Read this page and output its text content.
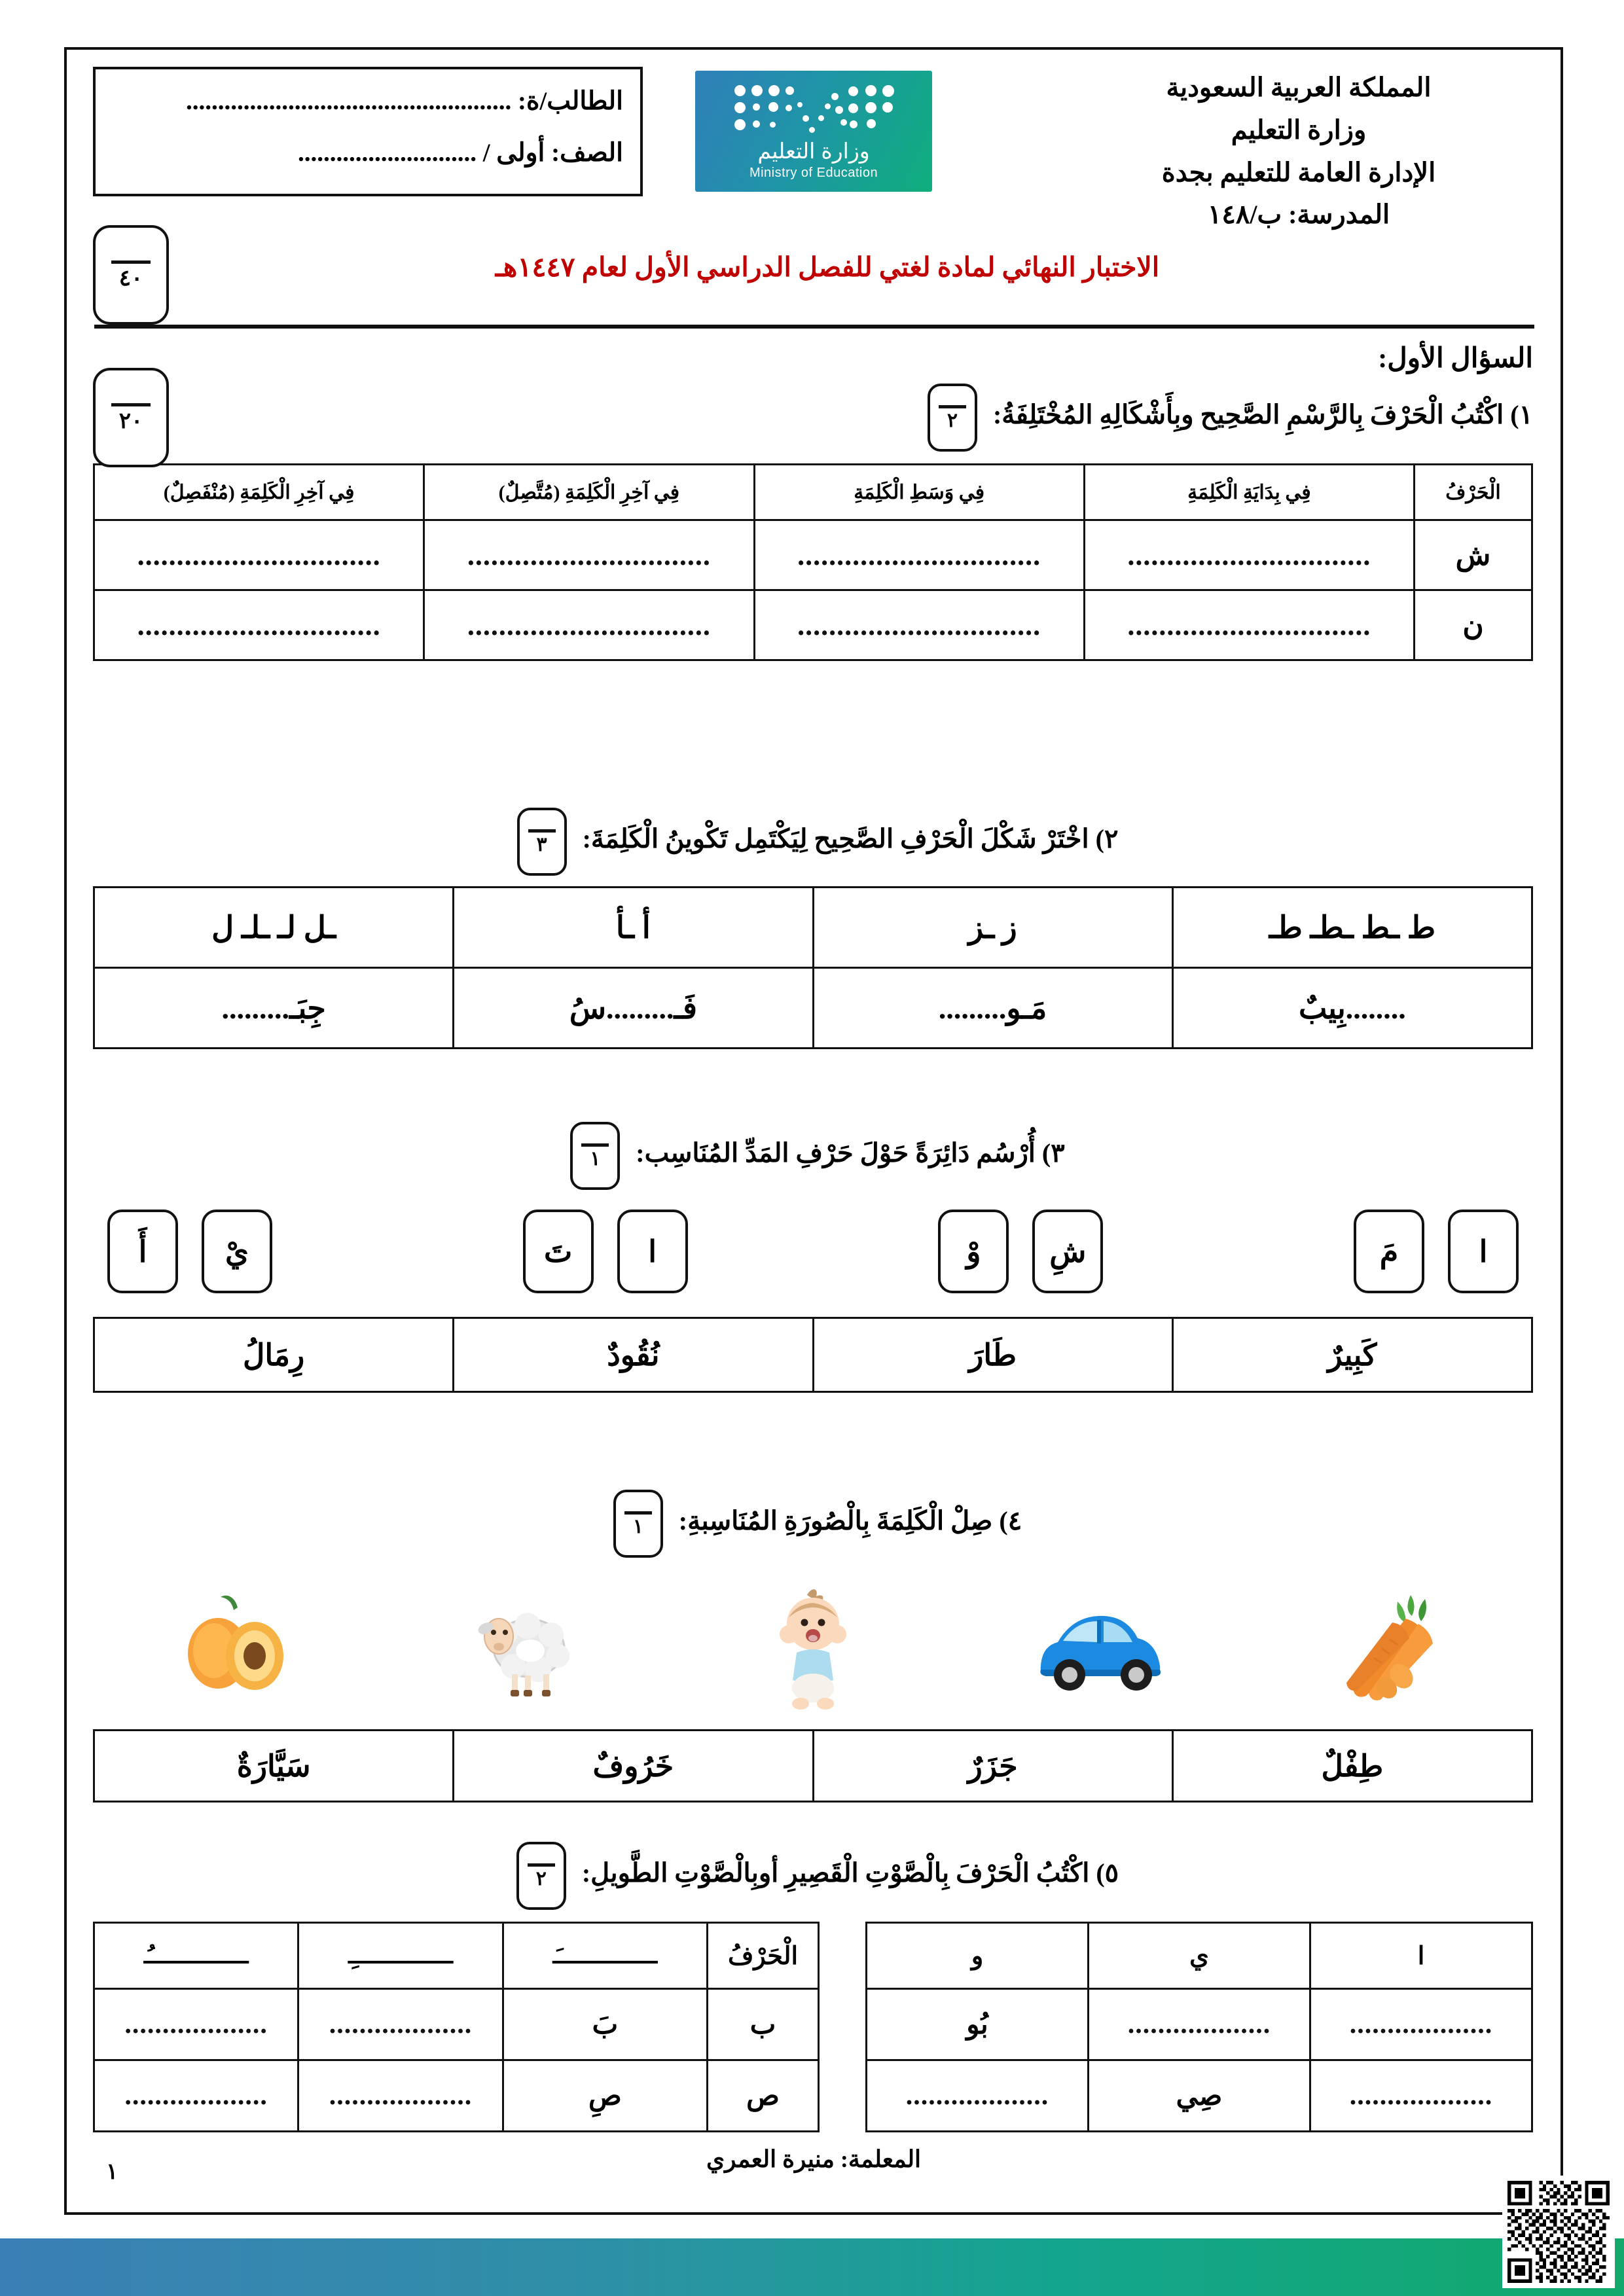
المملكة العربية السعودية
وزارة التعليم
الإدارة العامة للتعليم بجدة
المدرسة: ب/١٤٨
وزارة التعليم
Ministry of Education
الطالب/ة: ...................................................
الصف: أولى / ............................
٤٠	الاختبار النهائي لمادة لغتي للفصل الدراسي الأول لعام ١٤٤٧هـ
٢٠
السؤال الأول:
١) اكْتُبُ الْحَرْفَ بِالرَّسْمِ الصَّحِيح وبِأَشْكَالِهِ المُخْتَلِفَةُ:
٢
الْحَرْفُ	فِي بِدَايَةِ الْكَلِمَةِ	فِي وَسَطِ الْكَلِمَةِ	فِي آخِرِ الْكَلِمَةِ (مُتَّصِلٌ)	فِي آخِرِ الْكَلِمَةِ (مُنْفَصِلٌ)
ش	...............................	...............................	...............................	...............................
ن	...............................	...............................	...............................	...............................
٢) اخْتَرْ شَكْلَ الْحَرْفِ الصَّحِيح لِيَكْتَمِل تَكْوينُ الْكَلِمَةَ:
٣
ط ـط ـطـ طـ	ز ـز	أ ـأ	ـل لـ ـلـ ل
........بِيبٌ	مَـو.........	فَـ.........سُ	جِبَـ.........
٣) أُرْسُم دَائِرَةً حَوْلَ حَرْفِ المَدِّ المُنَاسِب:
١
أَ	يْ	تَ	ا	وْ	شِ	مَ	ا
كَبِيرٌ	طَارَ	نُقُودٌ	رِمَالُ
٤) صِلْ الْكَلِمَةَ بِالْصُورَةِ المُنَاسِبةِ:
١
طِفْلٌ	جَزَرٌ	خَرُوفٌ	سَيَّارَةٌ
٥) اكْتُبُ الْحَرْفَ بِالْصَّوْتِ الْقَصِيرِ أوبِالْصَّوْتِ الطَّويلِ:
٢
الْحَرْفُ	ـــــــَ	ـــــــِ	ـــــــُ
ب	بَ	...................	...................
ص	صِ	...................	...................
ا	ي	و
...................	...................	بُو
...................	صِي	...................
المعلمة: منيرة العمري
١
